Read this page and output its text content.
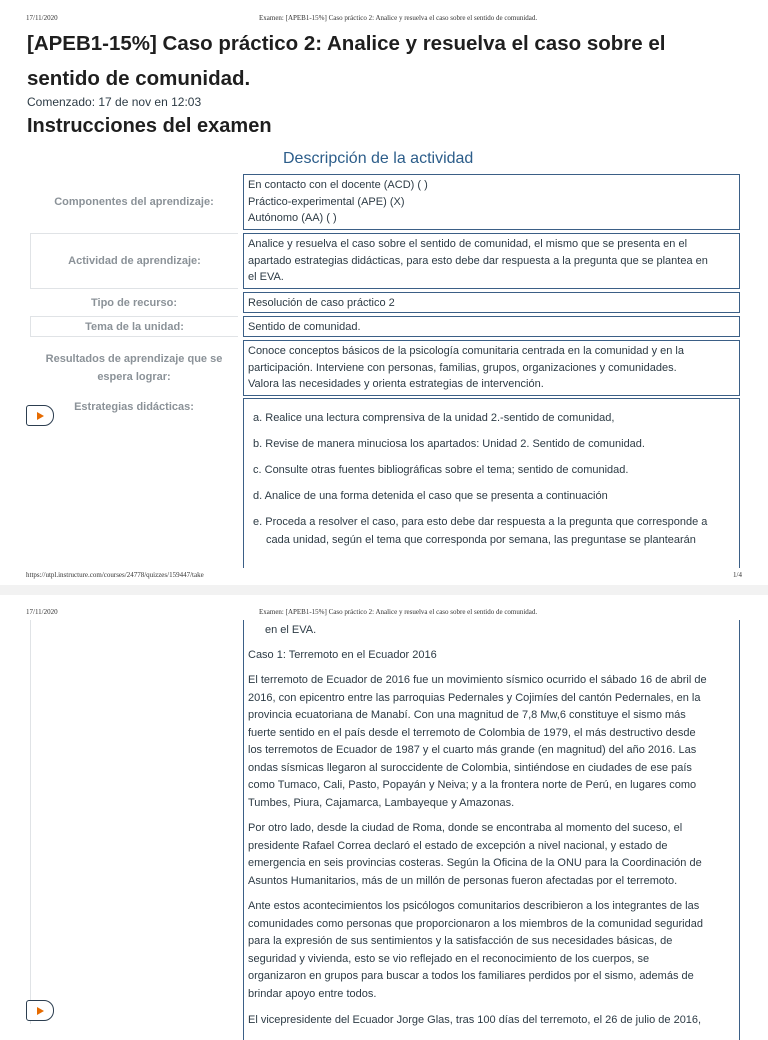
17/11/2020	Examen: [APEB1-15%] Caso práctico 2: Analice y resuelva el caso sobre el sentido de comunidad.
[APEB1-15%] Caso práctico 2: Analice y resuelva el caso sobre el
sentido de comunidad.
Comenzado: 17 de nov en 12:03
Instrucciones del examen
Descripción de la actividad
Componentes del aprendizaje:
En contacto con el docente (ACD) ( )
Práctico-experimental (APE) (X)
Autónomo (AA) ( )
Actividad de aprendizaje:
Analice y resuelva el caso sobre el sentido de comunidad, el mismo que se presenta en el
apartado estrategias didácticas, para esto debe dar respuesta a la pregunta que se plantea en
el EVA.
Tipo de recurso:	Resolución de caso práctico 2
Tema de la unidad:	Sentido de comunidad.
Resultados de aprendizaje que se
espera lograr:
Conoce conceptos básicos de la psicología comunitaria centrada en la comunidad y en la
participación. Interviene con personas, familias, grupos, organizaciones y comunidades.
Valora las necesidades y orienta estrategias de intervención.
Estrategias didácticas:
a. Realice una lectura comprensiva de la unidad 2.-sentido de comunidad,
b. Revise de manera minuciosa los apartados: Unidad 2. Sentido de comunidad.
c. Consulte otras fuentes bibliográficas sobre el tema; sentido de comunidad.
d. Analice de una forma detenida el caso que se presenta a continuación
e. Proceda a resolver el caso, para esto debe dar respuesta a la pregunta que corresponde a
cada unidad, según el tema que corresponda por semana, las preguntase se plantearán
https://utpl.instructure.com/courses/24778/quizzes/159447/take	1/4
17/11/2020	Examen: [APEB1-15%] Caso práctico 2: Analice y resuelva el caso sobre el sentido de comunidad.

en el EVA.

Caso 1: Terremoto en el Ecuador 2016

El terremoto de Ecuador de 2016 fue un movimiento sísmico ocurrido el sábado 16 de abril de
2016, con epicentro entre las parroquias Pedernales y Cojimíes del cantón Pedernales, en la
provincia ecuatoriana de Manabí. Con una magnitud de 7,8 Mw,6 constituye el sismo más
fuerte sentido en el país desde el terremoto de Colombia de 1979, el más destructivo desde
los terremotos de Ecuador de 1987 y el cuarto más grande (en magnitud) del año 2016. Las
ondas sísmicas llegaron al suroccidente de Colombia, sintiéndose en ciudades de ese país
como Tumaco, Cali, Pasto, Popayán y Neiva; y a la frontera norte de Perú, en lugares como
Tumbes, Piura, Cajamarca, Lambayeque y Amazonas.

Por otro lado, desde la ciudad de Roma, donde se encontraba al momento del suceso, el
presidente Rafael Correa declaró el estado de excepción a nivel nacional, y estado de
emergencia en seis provincias costeras. Según la Oficina de la ONU para la Coordinación de
Asuntos Humanitarios, más de un millón de personas fueron afectadas por el terremoto.

Ante estos acontecimientos los psicólogos comunitarios describieron a los integrantes de las
comunidades como personas que proporcionaron a los miembros de la comunidad seguridad
para la expresión de sus sentimientos y la satisfacción de sus necesidades básicas, de
seguridad y vivienda, esto se vio reflejado en el reconocimiento de los cuerpos, se
organizaron en grupos para buscar a todos los familiares perdidos por el sismo, además de
brindar apoyo entre todos.

El vicepresidente del Ecuador Jorge Glas, tras 100 días del terremoto, el 26 de julio de 2016,
